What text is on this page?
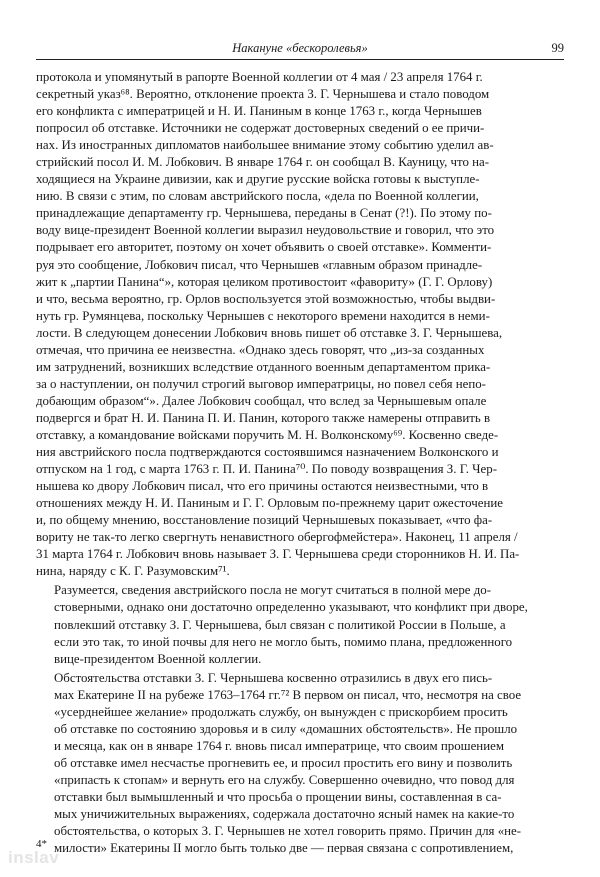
Накануне «бескоролевья»	99

протокола и упомянутый в рапорте Военной коллегии от 4 мая / 23 апреля 1764 г.
секретный указ⁶⁸. Вероятно, отклонение проекта З. Г. Чернышева и стало поводом
его конфликта с императрицей и Н. И. Паниным в конце 1763 г., когда Чернышев
попросил об отставке. Источники не содержат достоверных сведений о ее причи-
нах. Из иностранных дипломатов наибольшее внимание этому событию уделил ав-
стрийский посол И. М. Лобкович. В январе 1764 г. он сообщал В. Кауницу, что на-
ходящиеся на Украине дивизии, как и другие русские войска готовы к выступле-
нию. В связи с этим, по словам австрийского посла, «дела по Военной коллегии,
принадлежащие департаменту гр. Чернышева, переданы в Сенат (?!). По этому по-
воду вице-президент Военной коллегии выразил неудовольствие и говорил, что это
подрывает его авторитет, поэтому он хочет объявить о своей отставке». Комменти-
руя это сообщение, Лобкович писал, что Чернышев «главным образом принадле-
жит к „партии Панина“», которая целиком противостоит «фавориту» (Г. Г. Орлову)
и что, весьма вероятно, гр. Орлов воспользуется этой возможностью, чтобы выдви-
нуть гр. Румянцева, поскольку Чернышев с некоторого времени находится в неми-
лости. В следующем донесении Лобкович вновь пишет об отставке З. Г. Чернышева,
отмечая, что причина ее неизвестна. «Однако здесь говорят, что „из-за созданных
им затруднений, возникших вследствие отданного военным департаментом прика-
за о наступлении, он получил строгий выговор императрицы, но повел себя непо-
добающим образом“». Далее Лобкович сообщал, что вслед за Чернышевым опале
подвергся и брат Н. И. Панина П. И. Панин, которого также намерены отправить в
отставку, а командование войсками поручить М. Н. Волконскому⁶⁹. Косвенно сведе-
ния австрийского посла подтверждаются состоявшимся назначением Волконского и
отпуском на 1 год, с марта 1763 г. П. И. Панина⁷⁰. По поводу возвращения З. Г. Чер-
нышева ко двору Лобкович писал, что его причины остаются неизвестными, что в
отношениях между Н. И. Паниным и Г. Г. Орловым по-прежнему царит ожесточение
и, по общему мнению, восстановление позиций Чернышевых показывает, «что фа-
вориту не так-то легко свергнуть ненавистного обергофмейстера». Наконец, 11 апреля /
31 марта 1764 г. Лобкович вновь называет З. Г. Чернышева среди сторонников Н. И. Па-
нина, наряду с К. Г. Разумовским⁷¹.

Разумеется, сведения австрийского посла не могут считаться в полной мере до-
стоверными, однако они достаточно определенно указывают, что конфликт при дворе,
повлекший отставку З. Г. Чернышева, был связан с политикой России в Польше, а
если это так, то иной почвы для него не могло быть, помимо плана, предложенного
вице-президентом Военной коллегии.

Обстоятельства отставки З. Г. Чернышева косвенно отразились в двух его пись-
мах Екатерине II на рубеже 1763–1764 гг.⁷² В первом он писал, что, несмотря на свое
«усерднейшее желание» продолжать службу, он вынужден с прискорбием просить
об отставке по состоянию здоровья и в силу «домашних обстоятельств». Не прошло
и месяца, как он в январе 1764 г. вновь писал императрице, что своим прошением
об отставке имел несчастье прогневить ее, и просил простить его вину и позволить
«припасть к стопам» и вернуть его на службу. Совершенно очевидно, что повод для
отставки был вымышленный и что просьба о прощении вины, составленная в са-
мых уничижительных выражениях, содержала достаточно ясный намек на какие-то
обстоятельства, о которых З. Г. Чернышев не хотел говорить прямо. Причин для «не-
милости» Екатерины II могло быть только две — первая связана с сопротивлением,

4*
inslav
